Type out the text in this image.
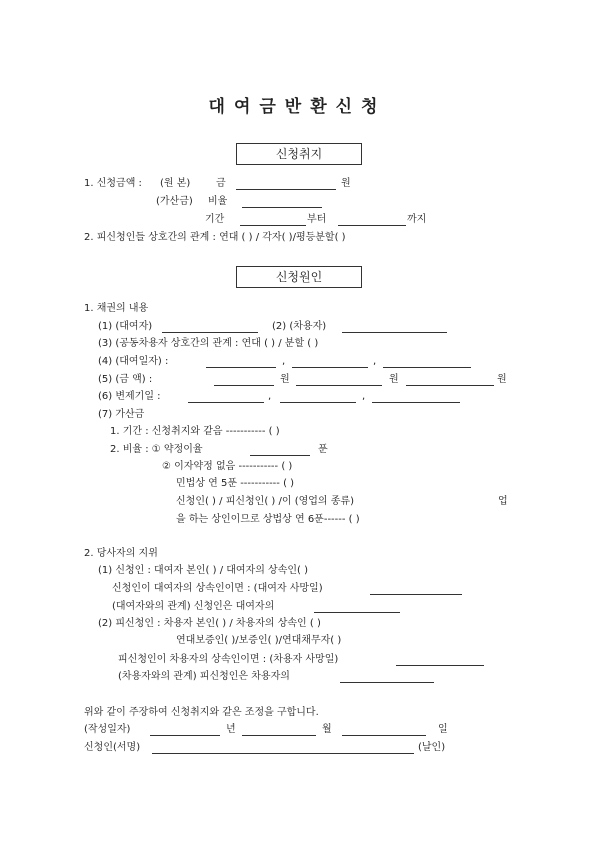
대여금반환신청
신청취지
1. 신청금액 : (원 본)	금	원
(가산금) 비율
기간	부터	까지
2. 피신청인들 상호간의 관계 : 연대 ( ) / 각자( )/평등분할( )
신청원인
1. 채권의 내용
(1) (대여자)	(2) (차용자)
(3) (공동차용자 상호간의 관계 : 연대 ( ) / 분할 ( )
(4) (대여일자) :	,	,
(5) (금 액) :	원	원	원
(6) 변제기일 :	,	,
(7) 가산금
1. 기간 : 신청취지와 같음 ----------- ( )
2. 비율 : ① 약정이율	푼
② 이자약정 없음 ----------- ( )
민법상 연 5푼 ----------- ( )
신청인( ) / 피신청인( ) /이 (영업의 종류)	업
을 하는 상인이므로 상법상 연 6푼------ ( )
2. 당사자의 지위
(1) 신청인 : 대여자 본인( ) / 대여자의 상속인( )
신청인이 대여자의 상속인이면 : (대여자 사망일)
(대여자와의 관계) 신청인은 대여자의
(2) 피신청인 : 차용자 본인( ) / 차용자의 상속인 ( )
연대보증인( )/보증인( )/연대채무자( )
피신청인이 차용자의 상속인이면 : (차용자 사망일)
(차용자와의 관계) 피신청인은 차용자의
위와 같이 주장하여 신청취지와 같은 조정을 구합니다.
(작성일자)	년	월	일
신청인(서명)	(날인)
